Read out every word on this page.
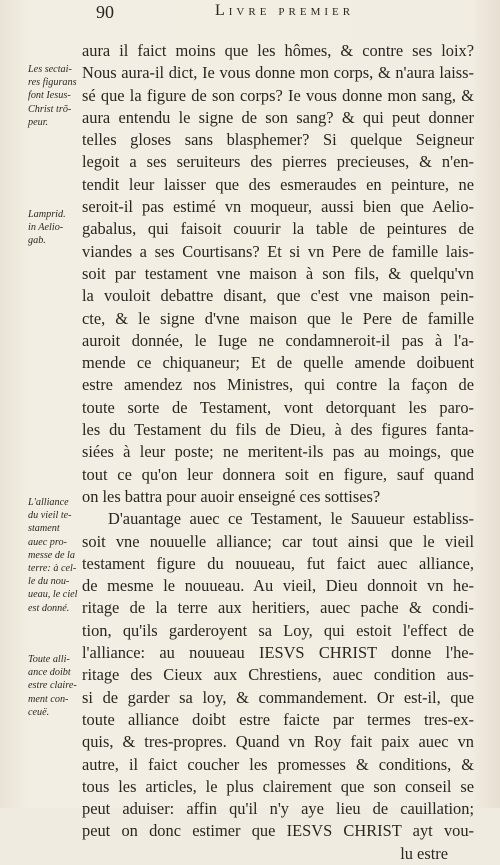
90	Livre premier
aura il faict moins que les hômes, & contre ses loix?
Nous aura-il dict, Ie vous donne mon corps, & n'aura laiss-
sé que la figure de son corps? Ie vous donne mon sang, &
aura entendu le signe de son sang? & qui peut donner
telles gloses sans blasphemer? Si quelque Seigneur
legoit a ses seruiteurs des pierres precieuses, & n'en-
tendit leur laisser que des esmeraudes en peinture, ne
seroit-il pas estimé vn moqueur, aussi bien que Aelio-
gabalus, qui faisoit couurir la table de peintures de
viandes a ses Courtisans? Et si vn Pere de famille lais-
soit par testament vne maison à son fils, & quelqu'vn
la vouloit debattre disant, que c'est vne maison pein-
cte, & le signe d'vne maison que le Pere de famille
auroit donnée, le Iuge ne condamneroit-il pas à l'a-
mende ce chiquaneur; Et de quelle amende doibuent
estre amendez nos Ministres, qui contre la façon de
toute sorte de Testament, vont detorquant les paro-
les du Testament du fils de Dieu, à des figures fanta-
siées à leur poste; ne meritent-ils pas au moings, que
tout ce qu'on leur donnera soit en figure, sauf quand
on les battra pour auoir enseigné ces sottises?
D'auantage auec ce Testament, le Sauueur establiss-
soit vne nouuelle alliance; car tout ainsi que le vieil
testament figure du nouueau, fut faict auec alliance,
de mesme le nouueau. Au vieil, Dieu donnoit vn he-
ritage de la terre aux heritiers, auec pache & condi-
tion, qu'ils garderoyent sa Loy, qui estoit l'effect de
l'alliance: au nouueau IESVS CHRIST donne l'he-
ritage des Cieux aux Chrestiens, auec condition aus-
si de garder sa loy, & commandement. Or est-il, que
toute alliance doibt estre faicte par termes tres-ex-
quis, & tres-propres. Quand vn Roy fait paix auec vn
autre, il faict coucher les promesses & conditions, &
tous les articles, le plus clairement que son conseil se
peut aduiser: affin qu'il n'y aye lieu de cauillation;
peut on donc estimer que IESVS CHRIST ayt vou-
lu estre
Les sectai-
res figurans
font Iesus-
Christ trõ-
peur.
Lamprid.
in Aelio-
gab.
L'alliance
du vieil te-
stament
auec pro-
messe de la
terre: à cel-
le du nou-
ueau, le ciel
est donné.
Toute alli-
ance doibt
estre claire-
ment con-
ceuë.
